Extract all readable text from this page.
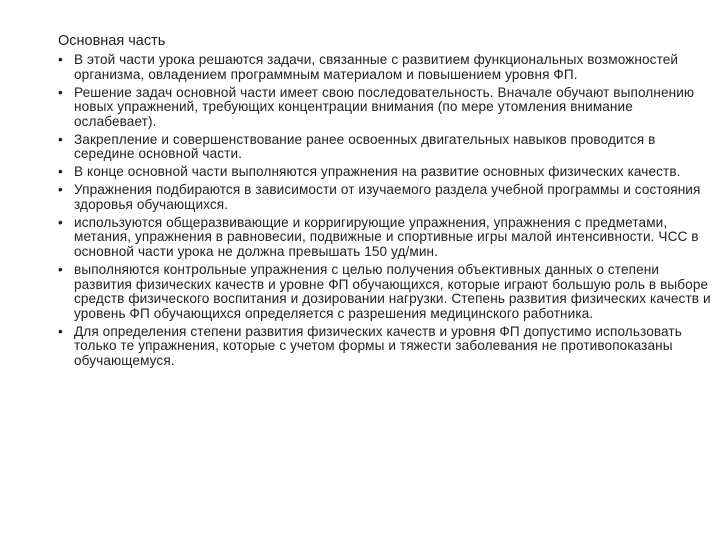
Основная часть
• В этой части урока решаются задачи, связанные с развитием функциональных возможностей организма, овладением программным материалом и повышением уровня ФП.
• Решение задач основной части имеет свою последовательность. Вначале обучают выполнению новых упражнений, требующих концентрации внимания (по мере утомления внимание ослабевает).
• Закрепление и совершенствование ранее освоенных двигательных навыков проводится в середине основной части.
• В конце основной части выполняются упражнения на развитие основных физических качеств.
• Упражнения подбираются в зависимости от изучаемого раздела учебной программы и состояния здоровья обучающихся.
• используются общеразвивающие и корригирующие упражнения, упражнения с предметами, метания, упражнения в равновесии, подвижные и спортивные игры малой интенсивности. ЧСС в основной части урока не должна превышать 150 уд/мин.
• выполняются контрольные упражнения с целью получения объективных данных о степени развития физических качеств и уровне ФП обучающихся, которые играют большую роль в выборе средств физического воспитания и дозировании нагрузки. Степень развития физических качеств и уровень ФП обучающихся определяется с разрешения медицинского работника.
• Для определения степени развития физических качеств и уровня ФП допустимо использовать только те упражнения, которые с учетом формы и тяжести заболевания не противопоказаны обучающемуся.
